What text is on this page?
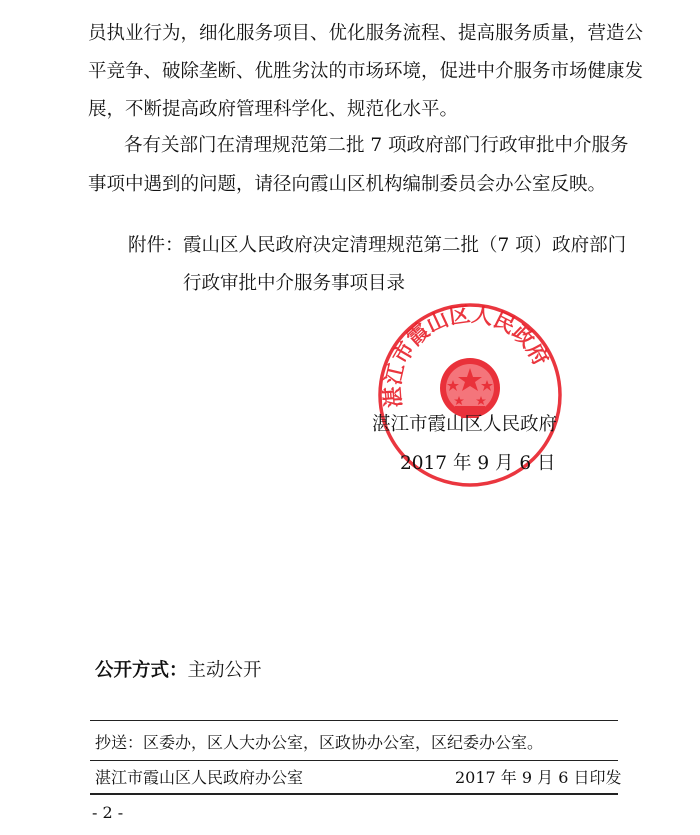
员执业行为，细化服务项目、优化服务流程、提高服务质量，营造公
平竞争、破除垄断、优胜劣汰的市场环境，促进中介服务市场健康发
展，不断提高政府管理科学化、规范化水平。
各有关部门在清理规范第二批 7 项政府部门行政审批中介服务
事项中遇到的问题，请径向霞山区机构编制委员会办公室反映。
附件： 霞山区人民政府决定清理规范第二批（7 项）政府部门
行政审批中介服务事项目录
湛江市霞山区人民政府
湛江市霞山区人民政府
2017 年 9 月 6 日
公开方式：主动公开
抄送：区委办，区人大办公室，区政协办公室，区纪委办公室。
湛江市霞山区人民政府办公室	2017 年 9 月 6 日印发
- 2 -
